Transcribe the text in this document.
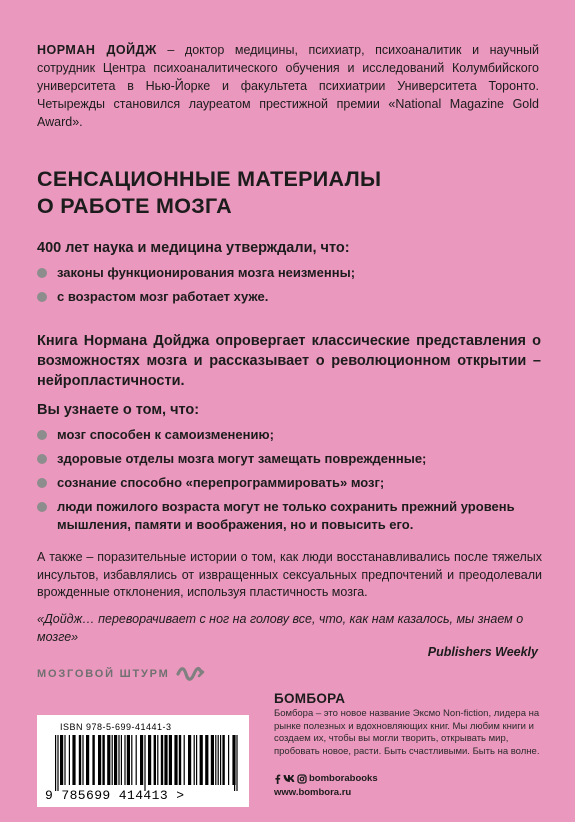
НОРМАН ДОЙДЖ – доктор медицины, психиатр, психоаналитик и научный сотрудник Центра психоаналитического обучения и исследований Колумбийского университета в Нью-Йорке и факультета психиатрии Университета Торонто. Четырежды становился лауреатом престижной премии «National Magazine Gold Award».
СЕНСАЦИОННЫЕ МАТЕРИАЛЫ
О РАБОТЕ МОЗГА
400 лет наука и медицина утверждали, что:
законы функционирования мозга неизменны;
с возрастом мозг работает хуже.
Книга Нормана Дойджа опровергает классические представления о возможностях мозга и рассказывает о революционном открытии – нейропластичности.
Вы узнаете о том, что:
мозг способен к самоизменению;
здоровые отделы мозга могут замещать поврежденные;
сознание способно «перепрограммировать» мозг;
люди пожилого возраста могут не только сохранить прежний уровень мышления, памяти и воображения, но и повысить его.
А также – поразительные истории о том, как люди восстанавливались после тяжелых инсультов, избавлялись от извращенных сексуальных предпочтений и преодолевали врожденные отклонения, используя пластичность мозга.
«Дойдж… переворачивает с ног на голову все, что, как нам казалось, мы знаем о мозге»
Publishers Weekly
МОЗГОВОЙ ШТУРМ
ISBN 978-5-699-41441-3
9 785699 414413 >
БОМБОРА
Бомбора – это новое название Эксмо Non-fiction, лидера на рынке полезных и вдохновляющих книг. Мы любим книги и создаем их, чтобы вы могли творить, открывать мир, пробовать новое, расти. Быть счастливыми. Быть на волне.
bomborabooks
www.bombora.ru
